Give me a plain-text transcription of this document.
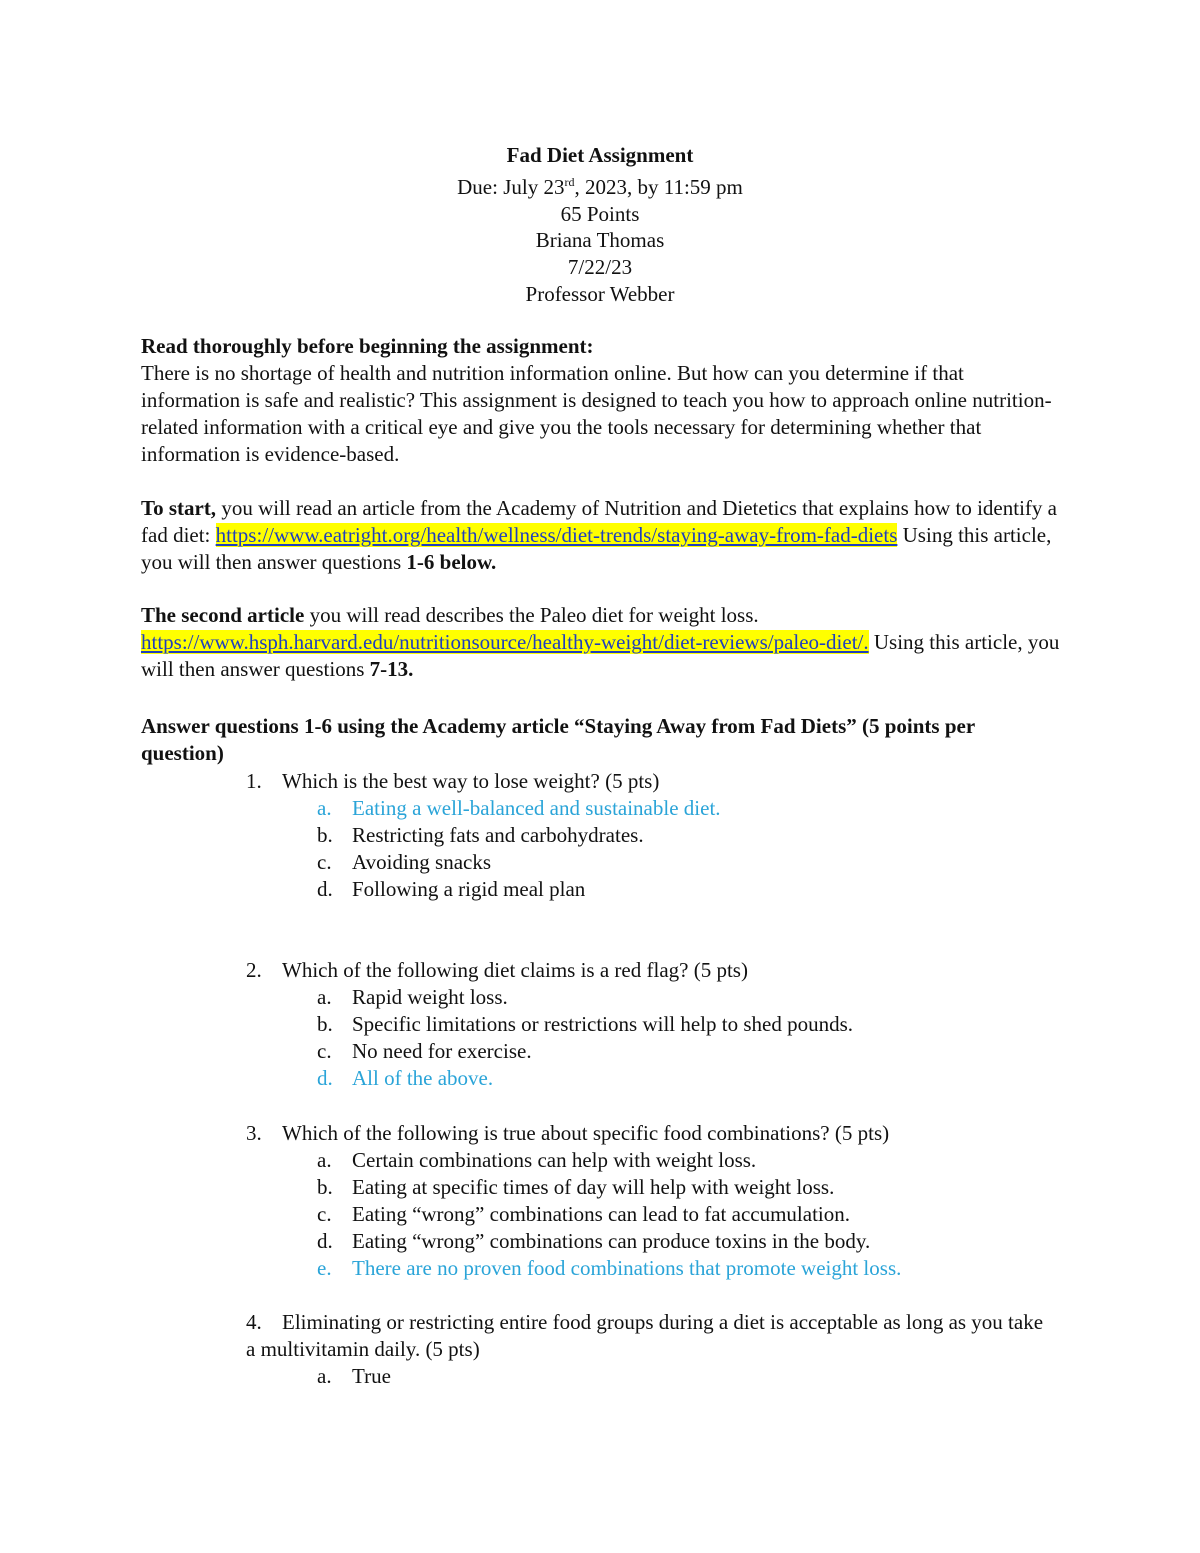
Fad Diet Assignment
Due: July 23rd, 2023, by 11:59 pm
65 Points
Briana Thomas
7/22/23
Professor Webber
Read thoroughly before beginning the assignment:
There is no shortage of health and nutrition information online. But how can you determine if that information is safe and realistic? This assignment is designed to teach you how to approach online nutrition-related information with a critical eye and give you the tools necessary for determining whether that information is evidence-based.
To start, you will read an article from the Academy of Nutrition and Dietetics that explains how to identify a fad diet: https://www.eatright.org/health/wellness/diet-trends/staying-away-from-fad-diets Using this article, you will then answer questions 1-6 below.
The second article you will read describes the Paleo diet for weight loss. https://www.hsph.harvard.edu/nutritionsource/healthy-weight/diet-reviews/paleo-diet/. Using this article, you will then answer questions 7-13.
Answer questions 1-6 using the Academy article “Staying Away from Fad Diets” (5 points per question)
1. Which is the best way to lose weight? (5 pts)
a. Eating a well-balanced and sustainable diet.
b. Restricting fats and carbohydrates.
c. Avoiding snacks
d. Following a rigid meal plan
2. Which of the following diet claims is a red flag? (5 pts)
a. Rapid weight loss.
b. Specific limitations or restrictions will help to shed pounds.
c. No need for exercise.
d. All of the above.
3. Which of the following is true about specific food combinations? (5 pts)
a. Certain combinations can help with weight loss.
b. Eating at specific times of day will help with weight loss.
c. Eating “wrong” combinations can lead to fat accumulation.
d. Eating “wrong” combinations can produce toxins in the body.
e. There are no proven food combinations that promote weight loss.
4. Eliminating or restricting entire food groups during a diet is acceptable as long as you take a multivitamin daily. (5 pts)
a. True
